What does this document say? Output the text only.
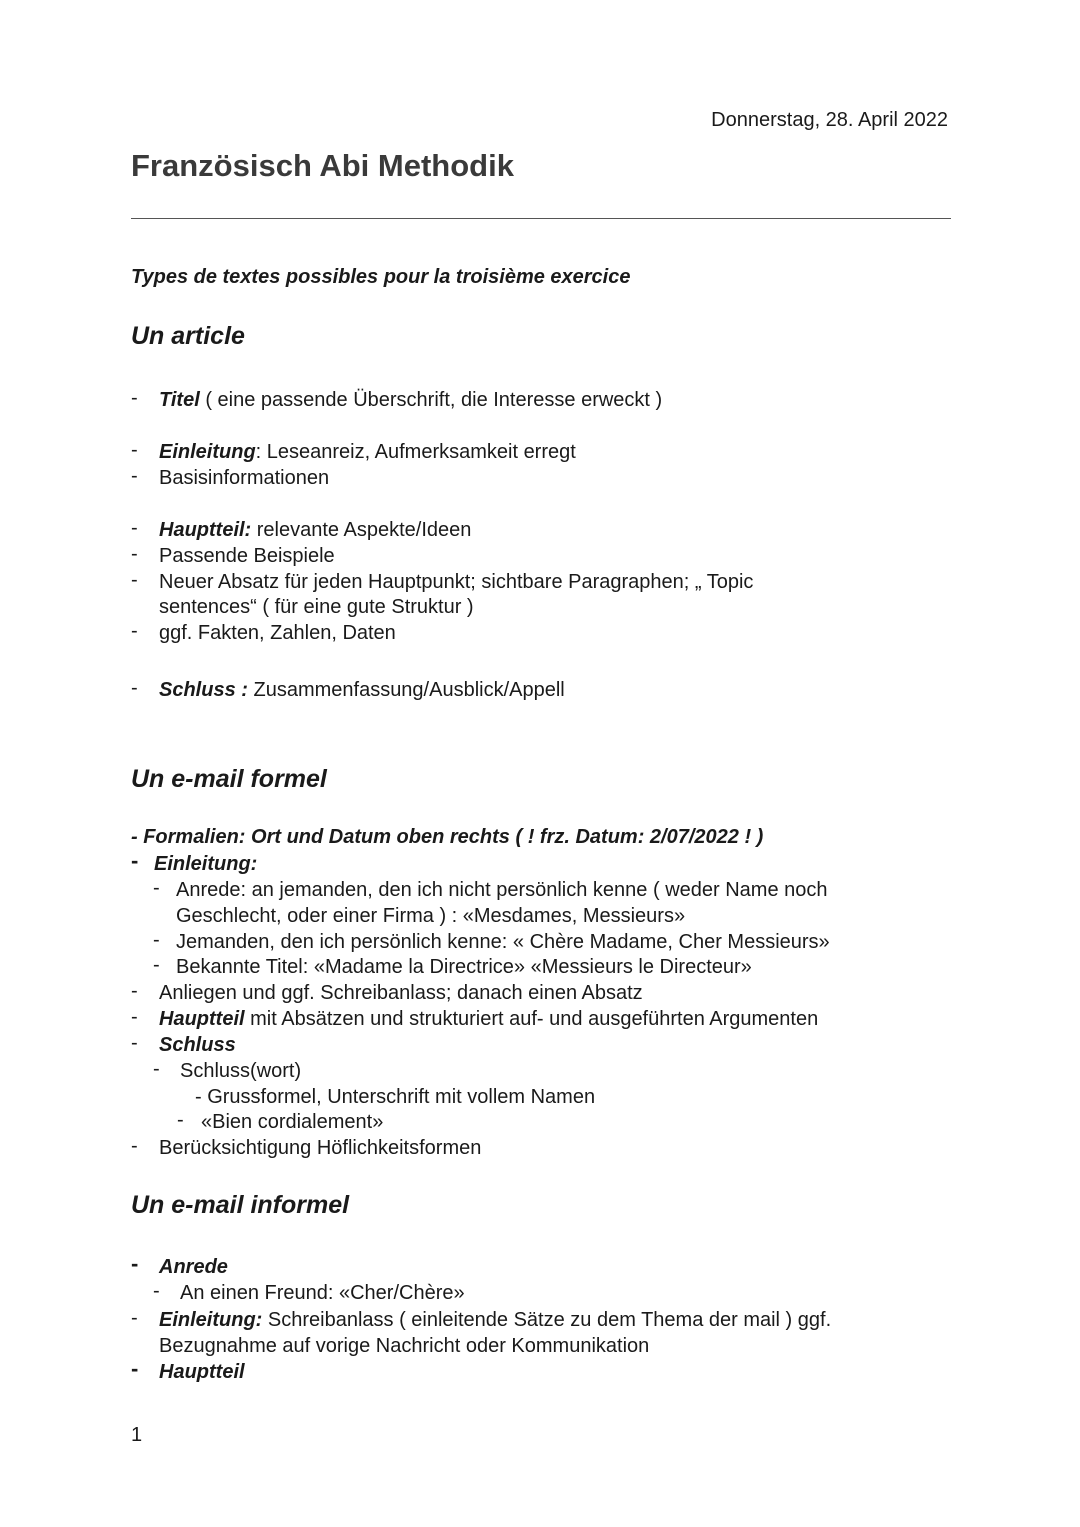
Donnerstag, 28. April 2022
Französisch Abi Methodik
Types de textes possibles pour la troisième exercice
Un article
- Titel ( eine passende Überschrift, die Interesse erweckt )
- Einleitung: Leseanreiz, Aufmerksamkeit erregt
- Basisinformationen
- Hauptteil: relevante Aspekte/Ideen
- Passende Beispiele
- Neuer Absatz für jeden Hauptpunkt; sichtbare Paragraphen; „ Topic
sentences“ ( für eine gute Struktur )
- ggf. Fakten, Zahlen, Daten
- Schluss : Zusammenfassung/Ausblick/Appell
Un e-mail formel
- Formalien: Ort und Datum oben rechts ( ! frz. Datum: 2/07/2022 ! )
- Einleitung:
- Anrede: an jemanden, den ich nicht persönlich kenne ( weder Name noch
Geschlecht, oder einer Firma ) : «Mesdames, Messieurs»
- Jemanden, den ich persönlich kenne: « Chère Madame, Cher Messieurs»
- Bekannte Titel: «Madame la Directrice» «Messieurs le Directeur»
- Anliegen und ggf. Schreibanlass; danach einen Absatz
- Hauptteil mit Absätzen und strukturiert auf- und ausgeführten Argumenten
- Schluss
- Schluss(wort)
- Grussformel, Unterschrift mit vollem Namen
- «Bien cordialement»
- Berücksichtigung Höflichkeitsformen
Un e-mail informel
- Anrede
- An einen Freund: «Cher/Chère»
- Einleitung: Schreibanlass ( einleitende Sätze zu dem Thema der mail ) ggf.
Bezugnahme auf vorige Nachricht oder Kommunikation
- Hauptteil
1
